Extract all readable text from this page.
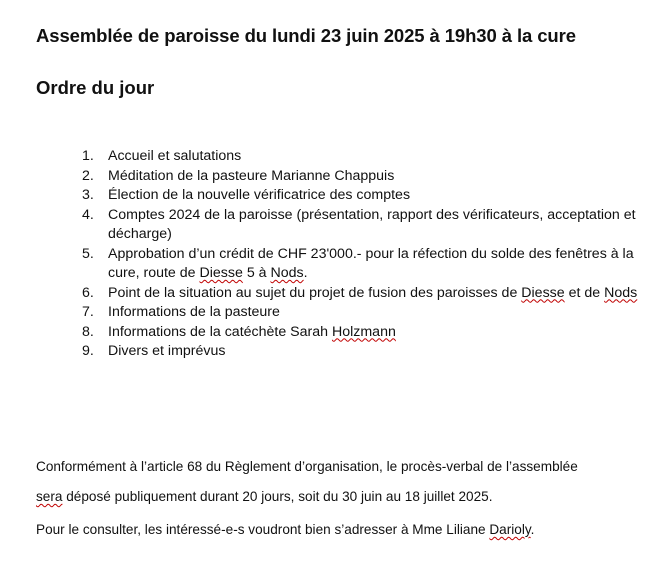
Assemblée de paroisse du lundi 23 juin 2025 à 19h30 à la cure
Ordre du jour
1. Accueil et salutations
2. Méditation de la pasteure Marianne Chappuis
3. Élection de la nouvelle vérificatrice des comptes
4. Comptes 2024 de la paroisse (présentation, rapport des vérificateurs, acceptation et décharge)
5. Approbation d’un crédit de CHF 23'000.- pour la réfection du solde des fenêtres à la cure, route de Diesse 5 à Nods.
6. Point de la situation au sujet du projet de fusion des paroisses de Diesse et de Nods
7. Informations de la pasteure
8. Informations de la catéchète Sarah Holzmann
9. Divers et imprévus
Conformément à l’article 68 du Règlement d’organisation, le procès-verbal de l’assemblée
sera déposé publiquement durant 20 jours, soit du 30 juin au 18 juillet 2025.
Pour le consulter, les intéressé-e-s voudront bien s’adresser à Mme Liliane Darioly.
